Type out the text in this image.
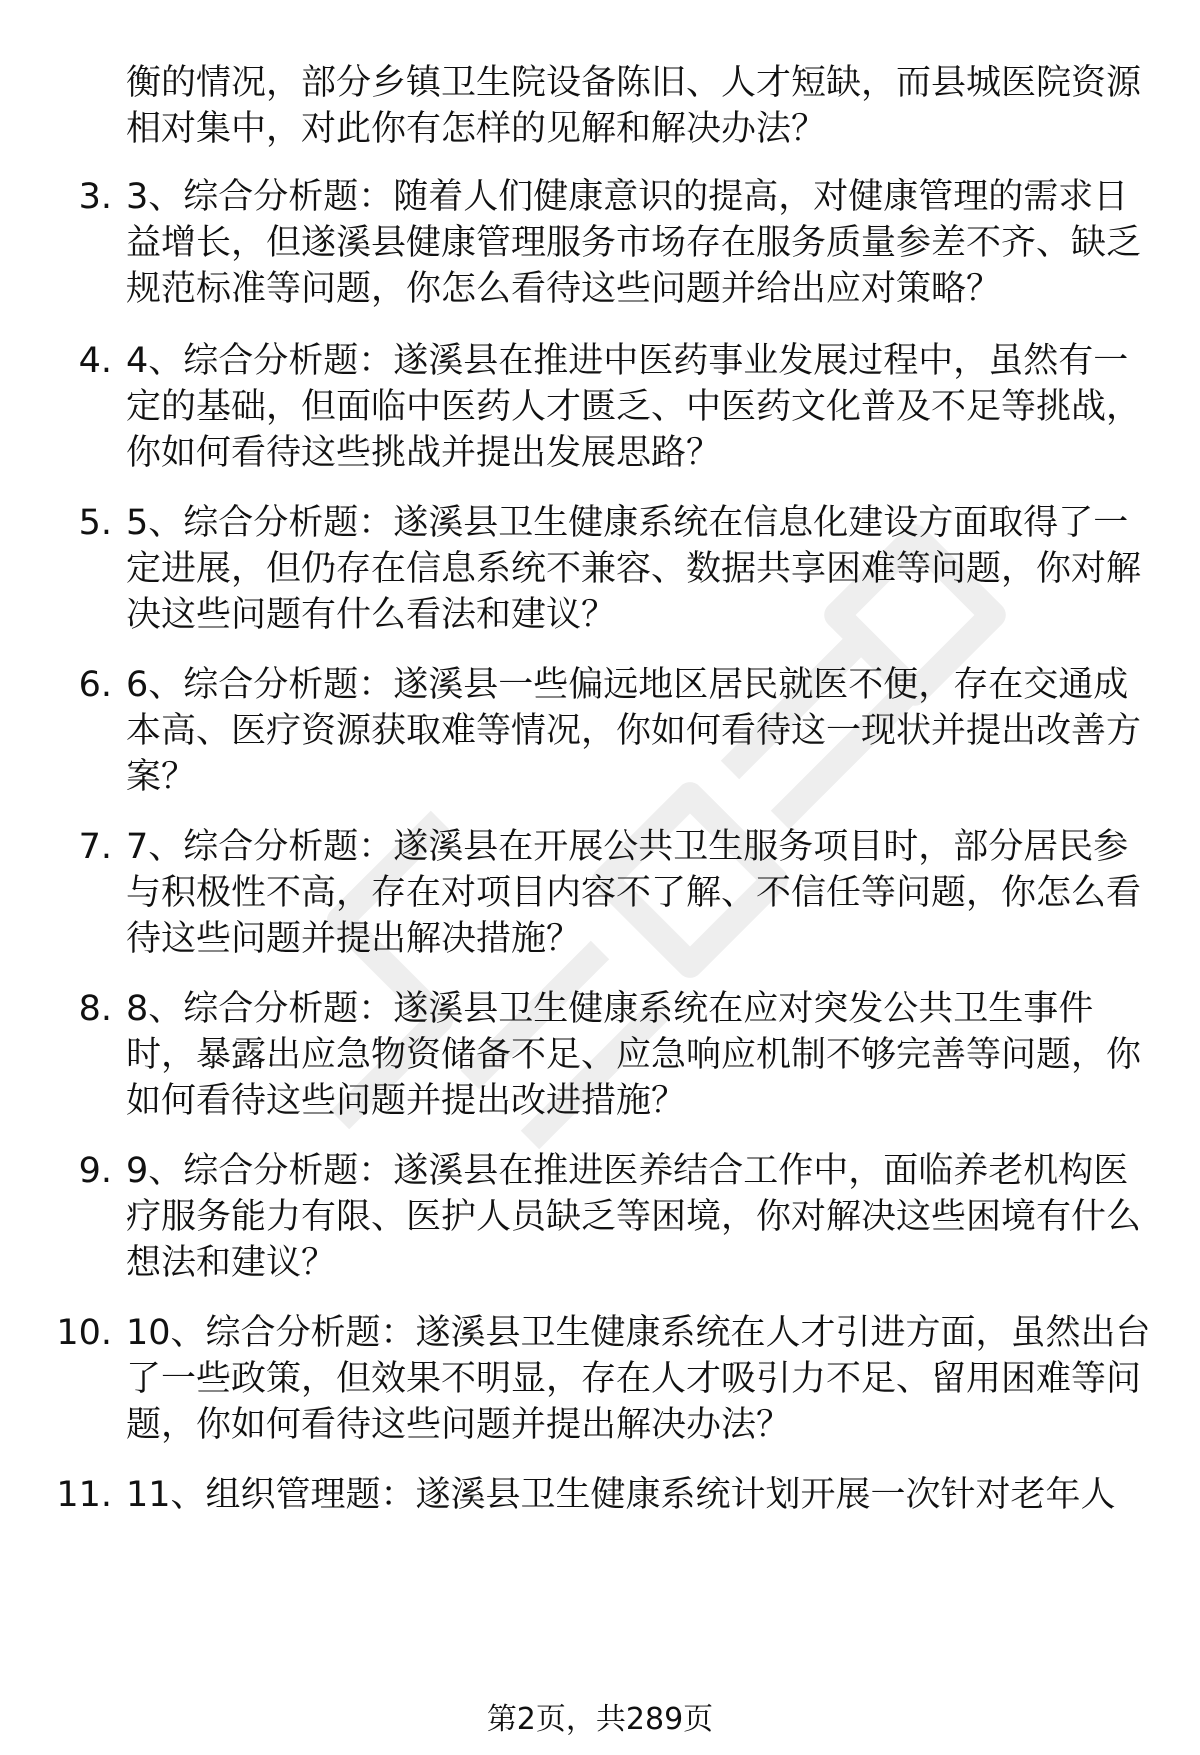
衡的情况，部分乡镇卫生院设备陈旧、人才短缺，而县城医院资源相对集中，对此你有怎样的见解和解决办法？

3. 3、综合分析题：随着人们健康意识的提高，对健康管理的需求日益增长，但遂溪县健康管理服务市场存在服务质量参差不齐、缺乏规范标准等问题，你怎么看待这些问题并给出应对策略？

4. 4、综合分析题：遂溪县在推进中医药事业发展过程中，虽然有一定的基础，但面临中医药人才匮乏、中医药文化普及不足等挑战，你如何看待这些挑战并提出发展思路？

5. 5、综合分析题：遂溪县卫生健康系统在信息化建设方面取得了一定进展，但仍存在信息系统不兼容、数据共享困难等问题，你对解决这些问题有什么看法和建议？

6. 6、综合分析题：遂溪县一些偏远地区居民就医不便，存在交通成本高、医疗资源获取难等情况，你如何看待这一现状并提出改善方案？

7. 7、综合分析题：遂溪县在开展公共卫生服务项目时，部分居民参与积极性不高，存在对项目内容不了解、不信任等问题，你怎么看待这些问题并提出解决措施？

8. 8、综合分析题：遂溪县卫生健康系统在应对突发公共卫生事件时，暴露出应急物资储备不足、应急响应机制不够完善等问题，你如何看待这些问题并提出改进措施？

9. 9、综合分析题：遂溪县在推进医养结合工作中，面临养老机构医疗服务能力有限、医护人员缺乏等困境，你对解决这些困境有什么想法和建议？

10. 10、综合分析题：遂溪县卫生健康系统在人才引进方面，虽然出台了一些政策，但效果不明显，存在人才吸引力不足、留用困难等问题，你如何看待这些问题并提出解决办法？

11. 11、组织管理题：遂溪县卫生健康系统计划开展一次针对老年人

第2页，共289页
